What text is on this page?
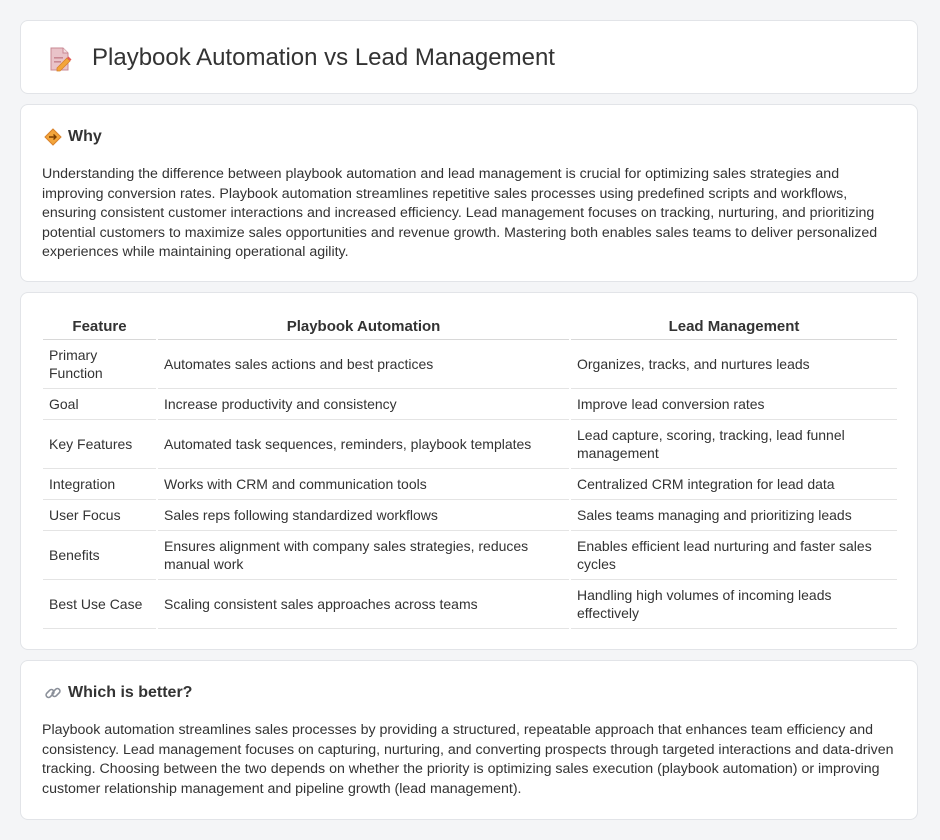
Playbook Automation vs Lead Management
Why

Understanding the difference between playbook automation and lead management is crucial for optimizing sales strategies and improving conversion rates. Playbook automation streamlines repetitive sales processes using predefined scripts and workflows, ensuring consistent customer interactions and increased efficiency. Lead management focuses on tracking, nurturing, and prioritizing potential customers to maximize sales opportunities and revenue growth. Mastering both enables sales teams to deliver personalized experiences while maintaining operational agility.

Feature	Playbook Automation	Lead Management
Primary Function	Automates sales actions and best practices	Organizes, tracks, and nurtures leads
Goal	Increase productivity and consistency	Improve lead conversion rates
Key Features	Automated task sequences, reminders, playbook templates	Lead capture, scoring, tracking, lead funnel management
Integration	Works with CRM and communication tools	Centralized CRM integration for lead data
User Focus	Sales reps following standardized workflows	Sales teams managing and prioritizing leads
Benefits	Ensures alignment with company sales strategies, reduces manual work	Enables efficient lead nurturing and faster sales cycles
Best Use Case	Scaling consistent sales approaches across teams	Handling high volumes of incoming leads effectively
Which is better?

Playbook automation streamlines sales processes by providing a structured, repeatable approach that enhances team efficiency and consistency. Lead management focuses on capturing, nurturing, and converting prospects through targeted interactions and data-driven tracking. Choosing between the two depends on whether the priority is optimizing sales execution (playbook automation) or improving customer relationship management and pipeline growth (lead management).
